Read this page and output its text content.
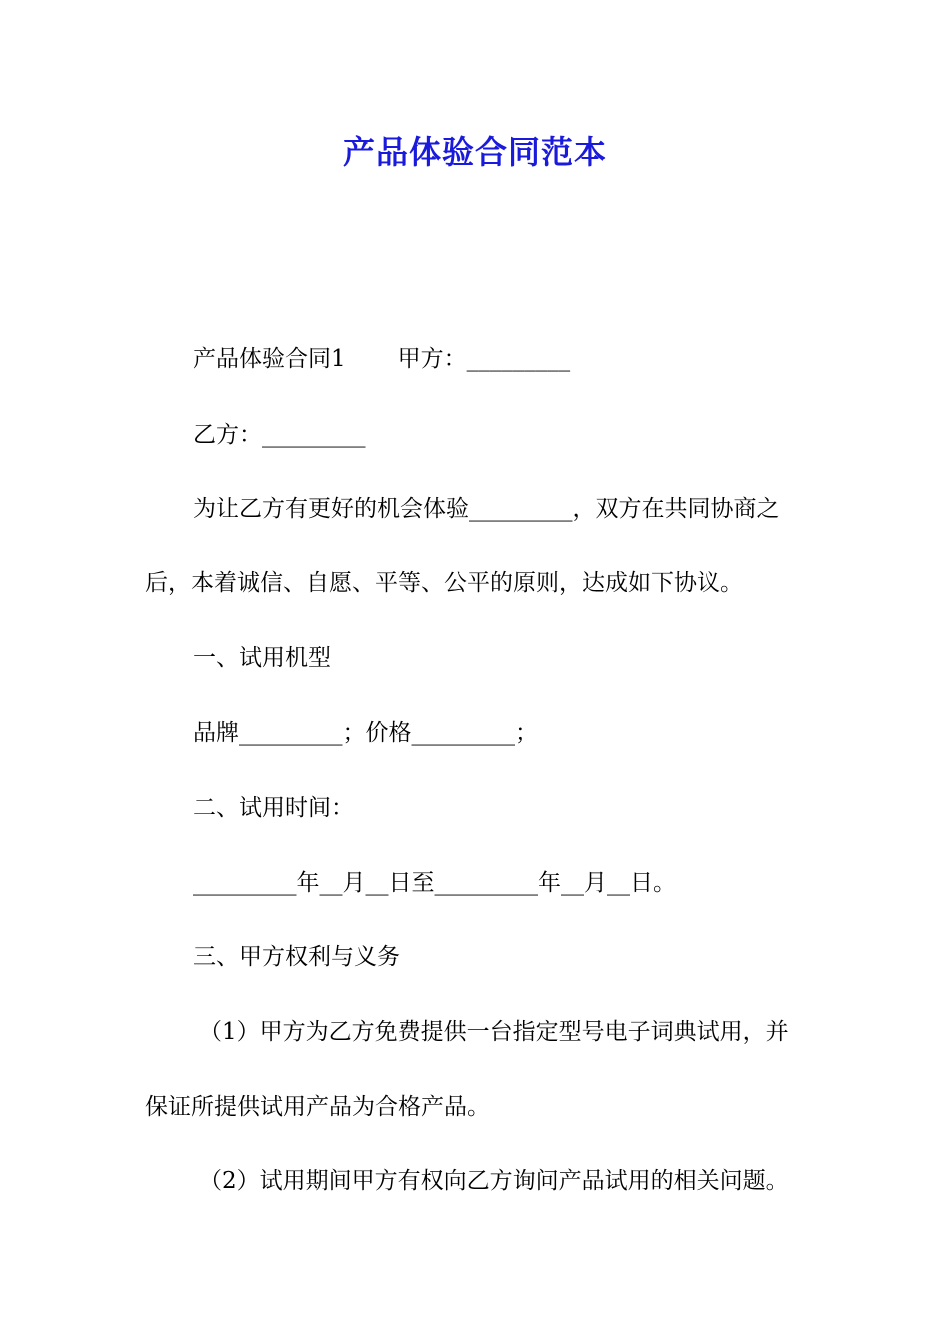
产品体验合同范本
产品体验合同1 甲方：_________
乙方：_________
为让乙方有更好的机会体验_________，双方在共同协商之
后，本着诚信、自愿、平等、公平的原则，达成如下协议。
一、试用机型
品牌_________；价格_________；
二、试用时间：
_________年__月__日至_________年__月__日。
三、甲方权利与义务
（1）甲方为乙方免费提供一台指定型号电子词典试用，并
保证所提供试用产品为合格产品。
（2）试用期间甲方有权向乙方询问产品试用的相关问题。
